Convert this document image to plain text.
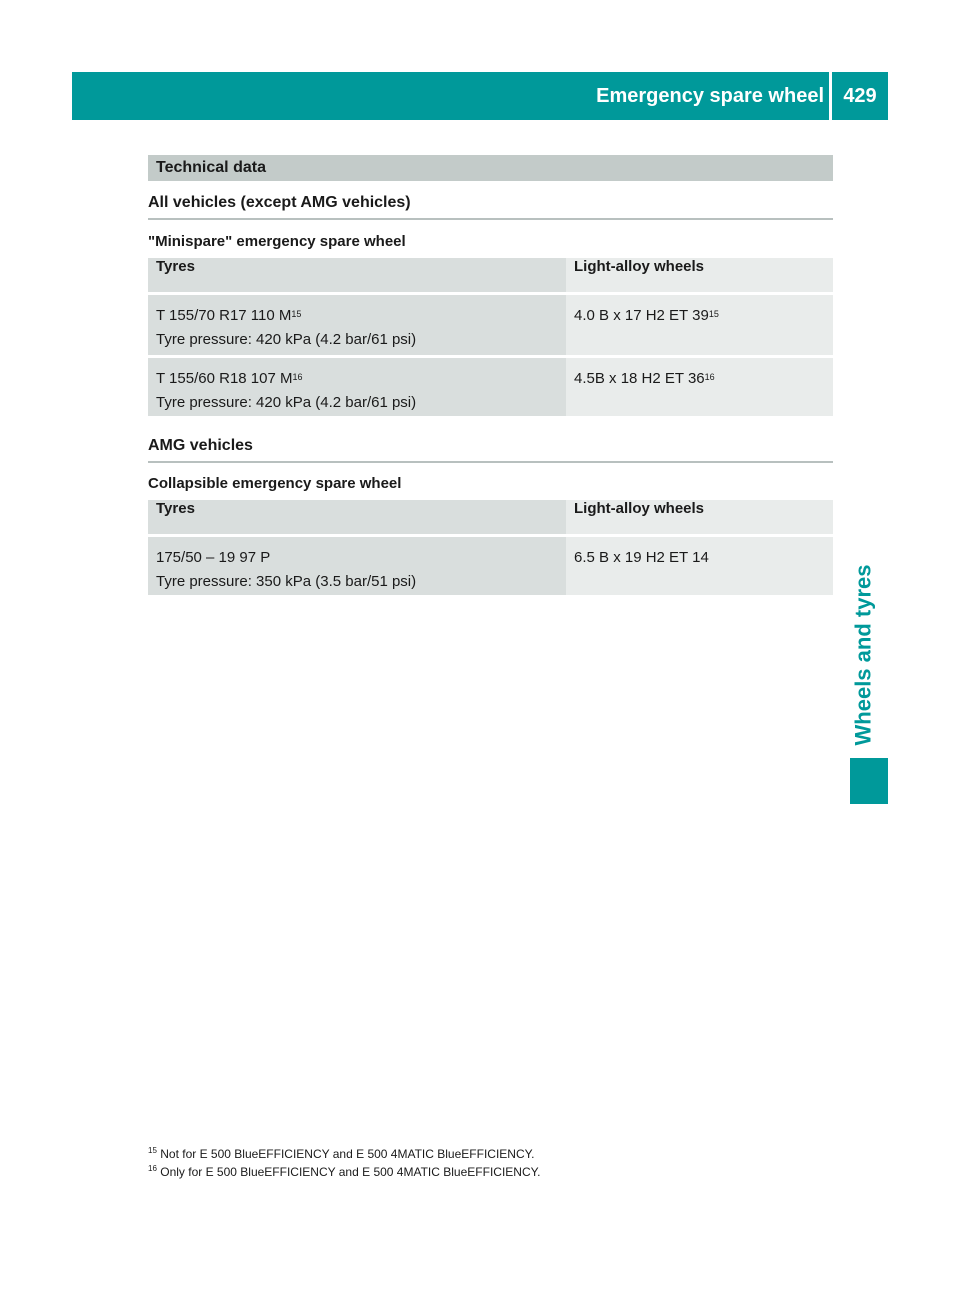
Emergency spare wheel 429
Wheels and tyres
Technical data
All vehicles (except AMG vehicles)
"Minispare" emergency spare wheel
Tyres	Light-alloy wheels

T 155/70 R17 110 $M^{15}$
Tyre pressure: 420 kPa (4.2 bar/61 psi)	4.0 B x 17 H2 ET $39^{15}$

T 155/60 R18 107 $M^{16}$
Tyre pressure: 420 kPa (4.2 bar/61 psi)	4.5B x 18 H2 ET $36^{16}$
AMG vehicles
Collapsible emergency spare wheel
Tyres	Light-alloy wheels

175/50 – 19 97 P
Tyre pressure: 350 kPa (3.5 bar/51 psi)	6.5 B x 19 H2 ET 14
$^{15}$ Not for E 500 BlueEFFICIENCY and E 500 4MATIC BlueEFFICIENCY.
$^{16}$ Only for E 500 BlueEFFICIENCY and E 500 4MATIC BlueEFFICIENCY.
